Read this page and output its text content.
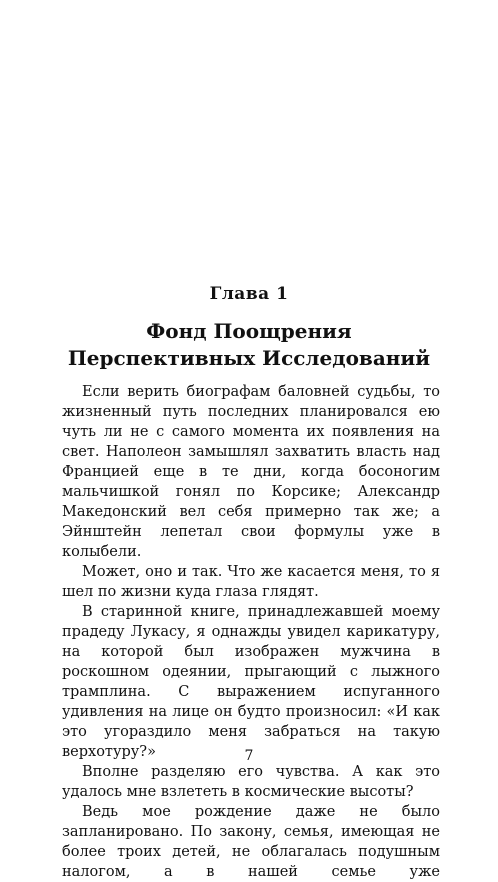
Глава 1
Фонд Поощрения
Перспективных Исследований

Если верить биографам баловней судьбы, то жизненный путь последних планировался ею чуть ли не с самого момента их появления на свет. Наполеон замышлял захватить власть над Францией еще в те дни, когда босоногим мальчишкой гонял по Корсике; Александр Македонский вел себя примерно так же; а Эйнштейн лепетал свои формулы уже в колыбели.

Может, оно и так. Что же касается меня, то я шел по жизни куда глаза глядят.

В старинной книге, принадлежавшей моему прадеду Лукасу, я однажды увидел карикатуру, на которой был изображен мужчина в роскошном одеянии, прыгающий с лыжного трамплина. С выражением испуганного удивления на лице он будто произносил: «И как это угораздило меня забраться на такую верхотуру?»

Вполне разделяю его чувства. А как это удалось мне взлететь в космические высоты?

Ведь мое рождение даже не было запланировано. По закону, семья, имеющая не более троих детей, не облагалась подушным налогом, а в нашей семье уже

7
